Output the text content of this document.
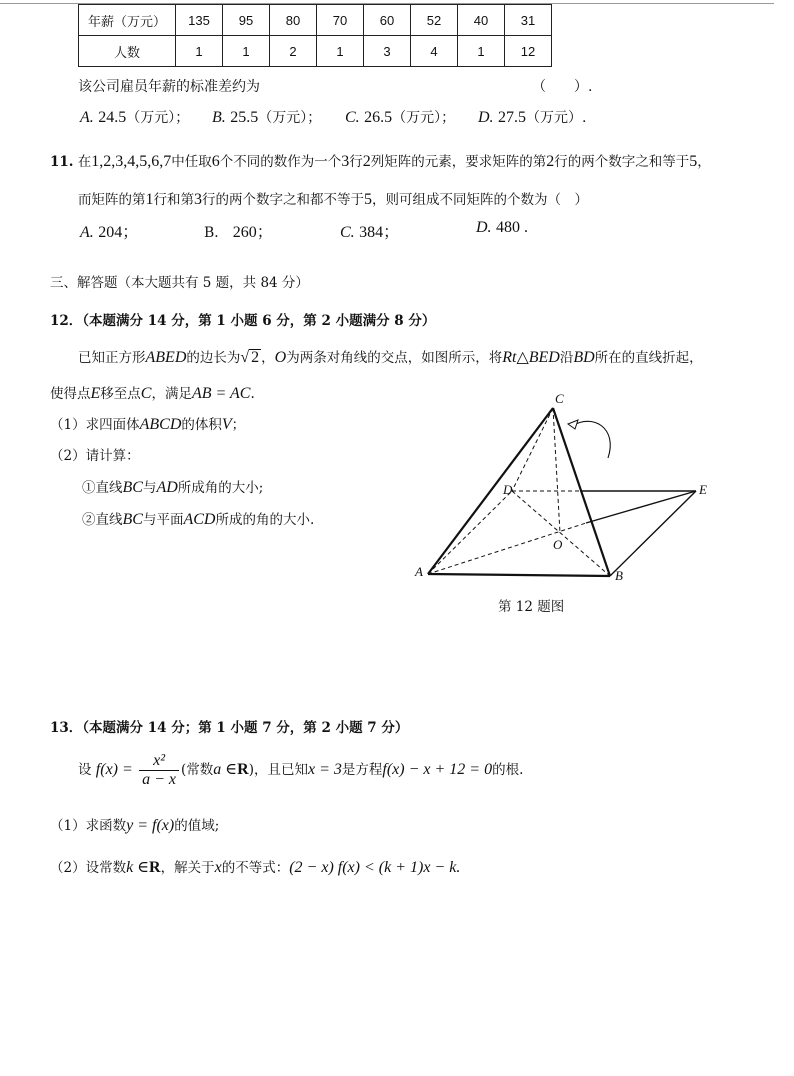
年薪（万元）	135	95	80	70	60	52	40	31
人数	1	1	2	1	3	4	1	12
该公司雇员年薪的标准差约为	（　　）.
A. 24.5（万元）； B. 25.5（万元）； C. 26.5（万元）； D. 27.5（万元）.
11. 在1,2,3,4,5,6,7中任取6个不同的数作为一个3行2列矩阵的元素，要求矩阵的第2行的两个数字之和等于5，
而矩阵的第1行和第3行的两个数字之和都不等于5，则可组成不同矩阵的个数为（　）
A. 204；	B． 260；	C. 384；	D. 480 .
三、解答题（本大题共有 5 题，共 84 分）
12．（本题满分 14 分，第 1 小题 6 分，第 2 小题满分 8 分）
已知正方形ABED的边长为√ 2 ，O为两条对角线的交点，如图所示，将Rt△BED沿BD所在的直线折起，
使得点E移至点C，满足AB = AC.
（1）求四面体ABCD的体积V；
（2）请计算：
①直线BC与AD所成角的大小;
②直线BC与平面ACD所成的角的大小.
C
D	E
O
A	B
第 12 题图
13．（本题满分 14 分；第 1 小题 7 分，第 2 小题 7 分）
设 $f(x) = \frac{\text{x²}}{a - x}$ (常数a ∈R)，且已知x = 3是方程f(x) − x + 12 = 0的根.
（1）求函数y = f(x)的值域;
（2）设常数k ∈R，解关于x的不等式：(2 − x) f(x) < (k + 1)x − k.
